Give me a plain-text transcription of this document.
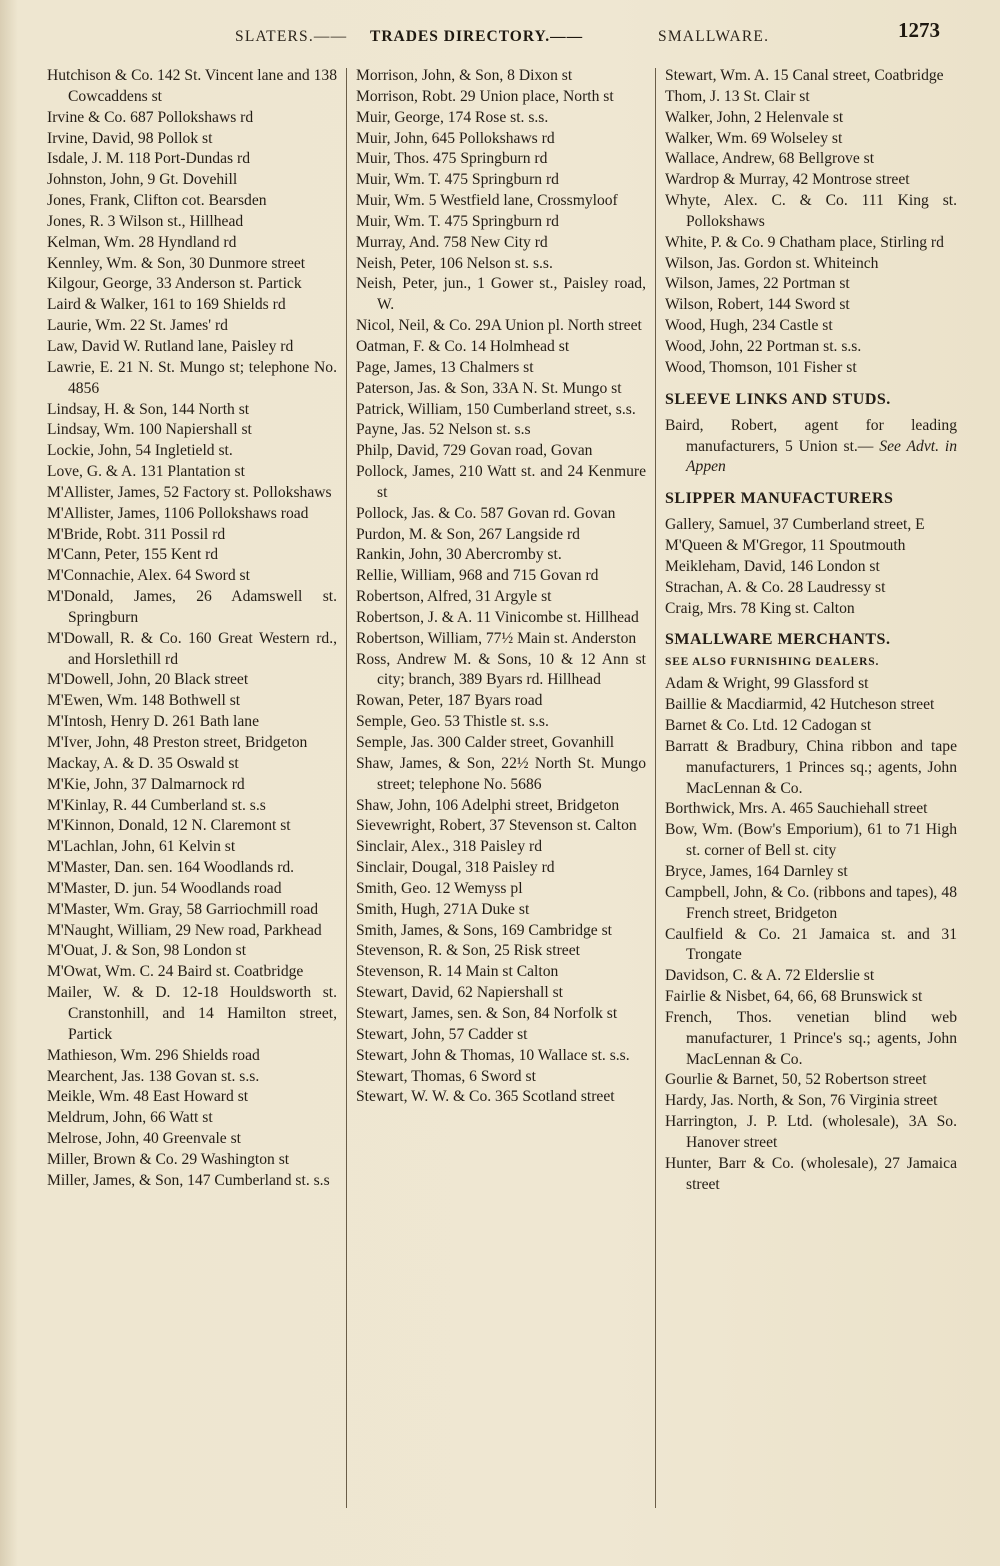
SLATERS.—— TRADES DIRECTORY.——	SMALLWARE.	1273

Hutchison & Co. 142 St. Vincent lane and 138 Cowcaddens st

Irvine & Co. 687 Pollokshaws rd

Irvine, David, 98 Pollok st

Isdale, J. M. 118 Port-Dundas rd

Johnston, John, 9 Gt. Dovehill

Jones, Frank, Clifton cot. Bearsden

Jones, R. 3 Wilson st., Hillhead

Kelman, Wm. 28 Hyndland rd

Kennley, Wm. & Son, 30 Dunmore street

Kilgour, George, 33 Anderson st. Partick

Laird & Walker, 161 to 169 Shields rd

Laurie, Wm. 22 St. James' rd

Law, David W. Rutland lane, Paisley rd

Lawrie, E. 21 N. St. Mungo st; telephone No. 4856

Lindsay, H. & Son, 144 North st

Lindsay, Wm. 100 Napiershall st

Lockie, John, 54 Ingletield st.

Love, G. & A. 131 Plantation st

M'Allister, James, 52 Factory st. Pollokshaws

M'Allister, James, 1106 Pollokshaws road

M'Bride, Robt. 311 Possil rd

M'Cann, Peter, 155 Kent rd

M'Connachie, Alex. 64 Sword st

M'Donald, James, 26 Adamswell st. Springburn

M'Dowall, R. & Co. 160 Great Western rd., and Horslethill rd

M'Dowell, John, 20 Black street

M'Ewen, Wm. 148 Bothwell st

M'Intosh, Henry D. 261 Bath lane

M'Iver, John, 48 Preston street, Bridgeton

Mackay, A. & D. 35 Oswald st

M'Kie, John, 37 Dalmarnock rd

M'Kinlay, R. 44 Cumberland st. s.s

M'Kinnon, Donald, 12 N. Claremont st

M'Lachlan, John, 61 Kelvin st

M'Master, Dan. sen. 164 Woodlands rd.

M'Master, D. jun. 54 Woodlands road

M'Master, Wm. Gray, 58 Garriochmill road

M'Naught, William, 29 New road, Parkhead

M'Ouat, J. & Son, 98 London st

M'Owat, Wm. C. 24 Baird st. Coatbridge

Mailer, W. & D. 12-18 Houldsworth st. Cranstonhill, and 14 Hamilton street, Partick

Mathieson, Wm. 296 Shields road

Mearchent, Jas. 138 Govan st. s.s.

Meikle, Wm. 48 East Howard st

Meldrum, John, 66 Watt st

Melrose, John, 40 Greenvale st

Miller, Brown & Co. 29 Washington st

Miller, James, & Son, 147 Cumberland st. s.s

Morrison, John, & Son, 8 Dixon st

Morrison, Robt. 29 Union place, North st

Muir, George, 174 Rose st. s.s.

Muir, John, 645 Pollokshaws rd

Muir, Thos. 475 Springburn rd

Muir, Wm. T. 475 Springburn rd

Muir, Wm. 5 Westfield lane, Crossmyloof

Muir, Wm. T. 475 Springburn rd

Murray, And. 758 New City rd

Neish, Peter, 106 Nelson st. s.s.

Neish, Peter, jun., 1 Gower st., Paisley road, W.

Nicol, Neil, & Co. 29A Union pl. North street

Oatman, F. & Co. 14 Holmhead st

Page, James, 13 Chalmers st

Paterson, Jas. & Son, 33A N. St. Mungo st

Patrick, William, 150 Cumberland street, s.s.

Payne, Jas. 52 Nelson st. s.s

Philp, David, 729 Govan road, Govan

Pollock, James, 210 Watt st. and 24 Kenmure st

Pollock, Jas. & Co. 587 Govan rd. Govan

Purdon, M. & Son, 267 Langside rd

Rankin, John, 30 Abercromby st.

Rellie, William, 968 and 715 Govan rd

Robertson, Alfred, 31 Argyle st

Robertson, J. & A. 11 Vinicombe st. Hillhead

Robertson, William, 77½ Main st. Anderston

Ross, Andrew M. & Sons, 10 & 12 Ann st city; branch, 389 Byars rd. Hillhead

Rowan, Peter, 187 Byars road

Semple, Geo. 53 Thistle st. s.s.

Semple, Jas. 300 Calder street, Govanhill

Shaw, James, & Son, 22½ North St. Mungo street; telephone No. 5686

Shaw, John, 106 Adelphi street, Bridgeton

Sievewright, Robert, 37 Stevenson st. Calton

Sinclair, Alex., 318 Paisley rd

Sinclair, Dougal, 318 Paisley rd

Smith, Geo. 12 Wemyss pl

Smith, Hugh, 271A Duke st

Smith, James, & Sons, 169 Cambridge st

Stevenson, R. & Son, 25 Risk street

Stevenson, R. 14 Main st Calton

Stewart, David, 62 Napiershall st

Stewart, James, sen. & Son, 84 Norfolk st

Stewart, John, 57 Cadder st

Stewart, John & Thomas, 10 Wallace st. s.s.

Stewart, Thomas, 6 Sword st

Stewart, W. W. & Co. 365 Scotland street

Stewart, Wm. A. 15 Canal street, Coatbridge

Thom, J. 13 St. Clair st

Walker, John, 2 Helenvale st

Walker, Wm. 69 Wolseley st

Wallace, Andrew, 68 Bellgrove st

Wardrop & Murray, 42 Montrose street

Whyte, Alex. C. & Co. 111 King st. Pollokshaws

White, P. & Co. 9 Chatham place, Stirling rd

Wilson, Jas. Gordon st. Whiteinch

Wilson, James, 22 Portman st

Wilson, Robert, 144 Sword st

Wood, Hugh, 234 Castle st

Wood, John, 22 Portman st. s.s.

Wood, Thomson, 101 Fisher st

SLEEVE LINKS AND STUDS.

Baird, Robert, agent for leading manufacturers, 5 Union st.— See Advt. in Appen

SLIPPER MANUFACTURERS

Gallery, Samuel, 37 Cumberland street, E

M'Queen & M'Gregor, 11 Spoutmouth

Meikleham, David, 146 London st

Strachan, A. & Co. 28 Laudressy st

Craig, Mrs. 78 King st. Calton

SMALLWARE MERCHANTS.
SEE ALSO FURNISHING DEALERS.

Adam & Wright, 99 Glassford st

Baillie & Macdiarmid, 42 Hutcheson street

Barnet & Co. Ltd. 12 Cadogan st

Barratt & Bradbury, China ribbon and tape manufacturers, 1 Princes sq.; agents, John MacLennan & Co.

Borthwick, Mrs. A. 465 Sauchiehall street

Bow, Wm. (Bow's Emporium), 61 to 71 High st. corner of Bell st. city

Bryce, James, 164 Darnley st

Campbell, John, & Co. (ribbons and tapes), 48 French street, Bridgeton

Caulfield & Co. 21 Jamaica st. and 31 Trongate

Davidson, C. & A. 72 Elderslie st

Fairlie & Nisbet, 64, 66, 68 Brunswick st

French, Thos. venetian blind web manufacturer, 1 Prince's sq.; agents, John MacLennan & Co.

Gourlie & Barnet, 50, 52 Robertson street

Hardy, Jas. North, & Son, 76 Virginia street

Harrington, J. P. Ltd. (wholesale), 3A So. Hanover street

Hunter, Barr & Co. (wholesale), 27 Jamaica street
